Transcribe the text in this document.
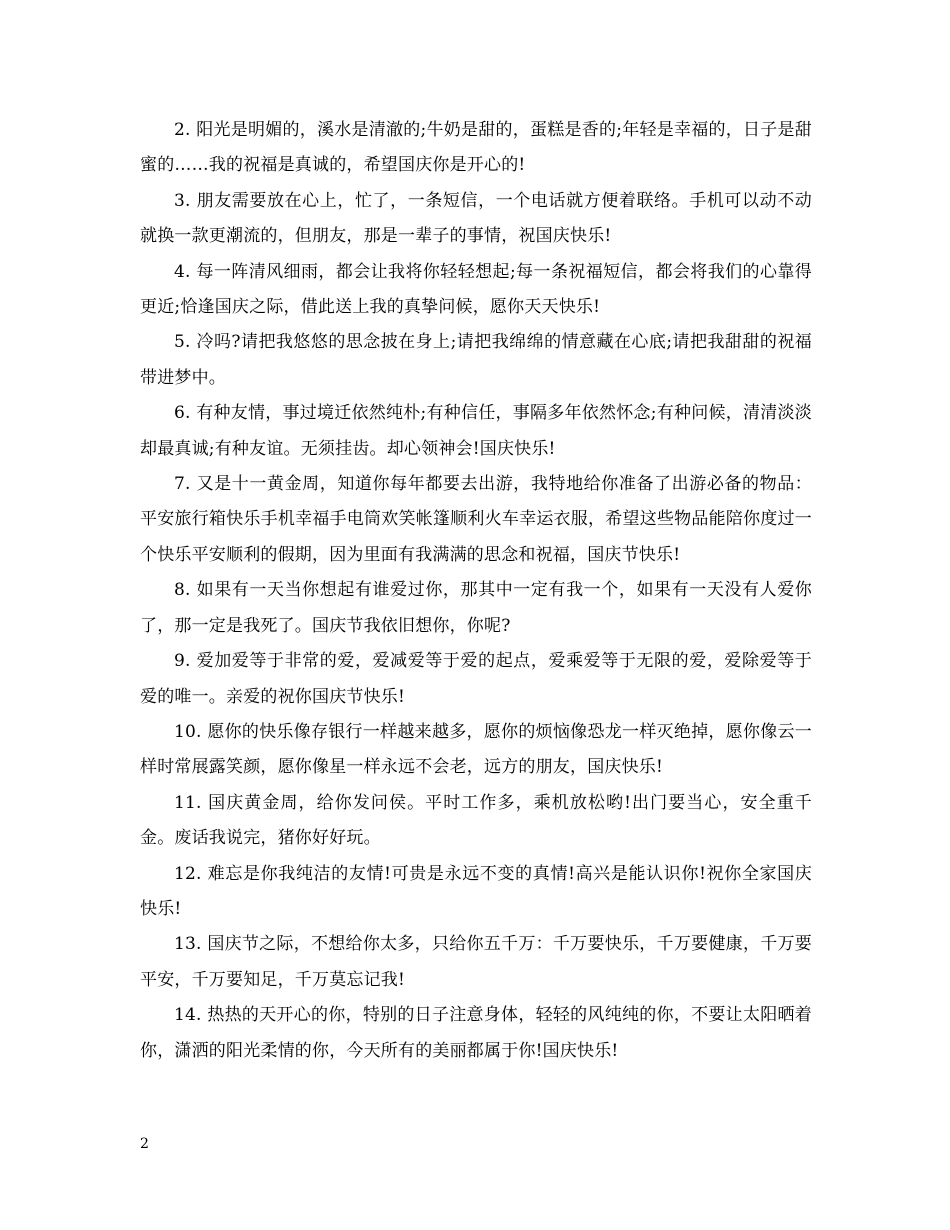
2. 阳光是明媚的，溪水是清澈的;牛奶是甜的，蛋糕是香的;年轻是幸福的，日子是甜蜜的……我的祝福是真诚的，希望国庆你是开心的!

3. 朋友需要放在心上，忙了，一条短信，一个电话就方便着联络。手机可以动不动就换一款更潮流的，但朋友，那是一辈子的事情，祝国庆快乐!

4. 每一阵清风细雨，都会让我将你轻轻想起;每一条祝福短信，都会将我们的心靠得更近;恰逢国庆之际，借此送上我的真挚问候，愿你天天快乐!

5. 冷吗?请把我悠悠的思念披在身上;请把我绵绵的情意藏在心底;请把我甜甜的祝福带进梦中。

6. 有种友情，事过境迁依然纯朴;有种信任，事隔多年依然怀念;有种问候，清清淡淡却最真诚;有种友谊。无须挂齿。却心领神会!国庆快乐!

7. 又是十一黄金周，知道你每年都要去出游，我特地给你准备了出游必备的物品：平安旅行箱快乐手机幸福手电筒欢笑帐篷顺利火车幸运衣服，希望这些物品能陪你度过一个快乐平安顺利的假期，因为里面有我满满的思念和祝福，国庆节快乐!

8. 如果有一天当你想起有谁爱过你，那其中一定有我一个，如果有一天没有人爱你了，那一定是我死了。国庆节我依旧想你，你呢?

9. 爱加爱等于非常的爱，爱减爱等于爱的起点，爱乘爱等于无限的爱，爱除爱等于爱的唯一。亲爱的祝你国庆节快乐!

10. 愿你的快乐像存银行一样越来越多，愿你的烦恼像恐龙一样灭绝掉，愿你像云一样时常展露笑颜，愿你像星一样永远不会老，远方的朋友，国庆快乐!

11. 国庆黄金周，给你发问侯。平时工作多，乘机放松哟!出门要当心，安全重千金。废话我说完，猪你好好玩。

12. 难忘是你我纯洁的友情!可贵是永远不变的真情!高兴是能认识你!祝你全家国庆快乐!

13. 国庆节之际，不想给你太多，只给你五千万：千万要快乐，千万要健康，千万要平安，千万要知足，千万莫忘记我!

14. 热热的天开心的你，特别的日子注意身体，轻轻的风纯纯的你，不要让太阳晒着你，潇洒的阳光柔情的你，今天所有的美丽都属于你!国庆快乐!

2
